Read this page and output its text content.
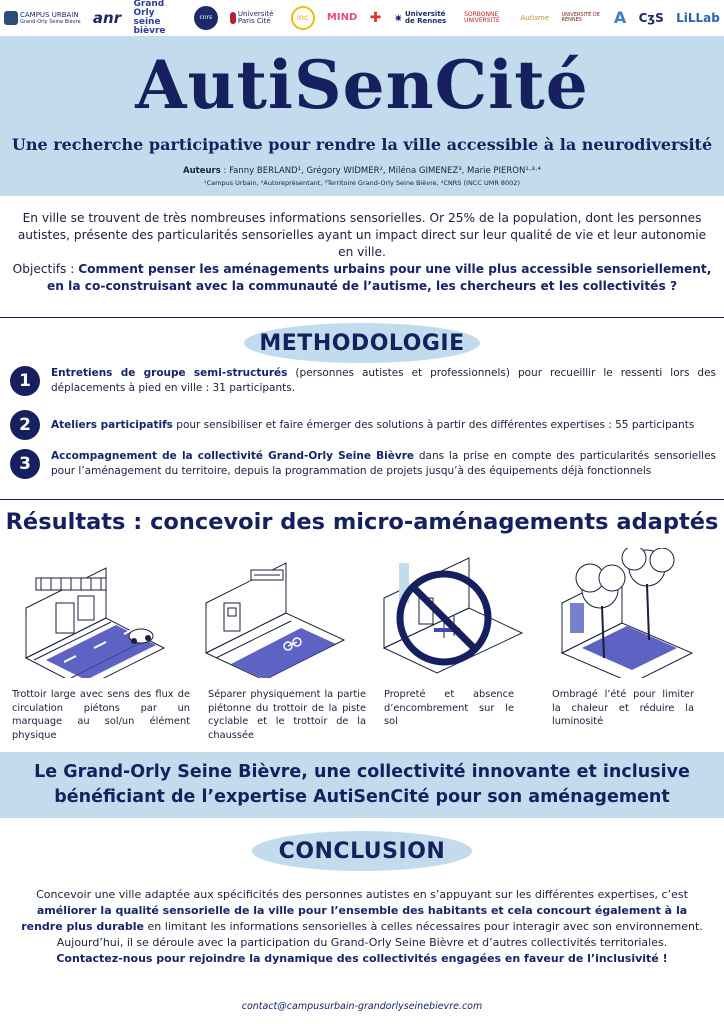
CAMPUS URBAIN
Grand-Orly Seine Bièvre anr
Grand Orly seine bièvre
cnrs	Université Paris Cité	inc	MIND ✚ ✷ Université de Rennes
SORBONNE UNIVERSITÉ	Autisme UNIVERSITÉ DE RENNES	A CʒS LiLLab
AutiSenCité
Une recherche participative pour rendre la ville accessible à la neurodiversité
Auteurs : Fanny BERLAND¹, Grégory WIDMER², Miléna GIMENEZ³, Marie PIERON¹·³·⁴
¹Campus Urbain, ²Autoreprésentant, ³Territoire Grand-Orly Seine Bièvre, ⁴CNRS (INCC UMR 8002)
En ville se trouvent de très nombreuses informations sensorielles. Or 25% de la population, dont les personnes autistes, présente des particularités sensorielles ayant un impact direct sur leur qualité de vie et leur autonomie en ville.
Objectifs : Comment penser les aménagements urbains pour une ville plus accessible sensoriellement, en la co-construisant avec la communauté de l’autisme, les chercheurs et les collectivités ?
METHODOLOGIE
1	Entretiens de groupe semi-structurés (personnes autistes et professionnels) pour recueillir le ressenti lors des déplacements à pied en ville : 31 participants.
2	Ateliers participatifs pour sensibiliser et faire émerger des solutions à partir des différentes expertises : 55 participants
3	Accompagnement de la collectivité Grand-Orly Seine Bièvre dans la prise en compte des particularités sensorielles pour l’aménagement du territoire, depuis la programmation de projets jusqu’à des équipements déjà fonctionnels
Résultats : concevoir des micro-aménagements adaptés
Trottoir large avec sens des flux de circulation piétons par un marquage au sol/un élément physique
Séparer physiquement la partie piétonne du trottoir de la piste cyclable et le trottoir de la chaussée
Propreté et absence d’encombrement sur le sol
Ombragé l’été pour limiter la chaleur et réduire la luminosité
Le Grand-Orly Seine Bièvre, une collectivité innovante et inclusive
bénéficiant de l’expertise AutiSenCité pour son aménagement
CONCLUSION
Concevoir une ville adaptée aux spécificités des personnes autistes en s’appuyant sur les différentes expertises, c’est améliorer la qualité sensorielle de la ville pour l’ensemble des habitants et cela concourt également à la rendre plus durable en limitant les informations sensorielles à celles nécessaires pour interagir avec son environnement.
Aujourd’hui, il se déroule avec la participation du Grand-Orly Seine Bièvre et d’autres collectivités territoriales.
Contactez-nous pour rejoindre la dynamique des collectivités engagées en faveur de l’inclusivité !
contact@campusurbain-grandorlyseinebievre.com
